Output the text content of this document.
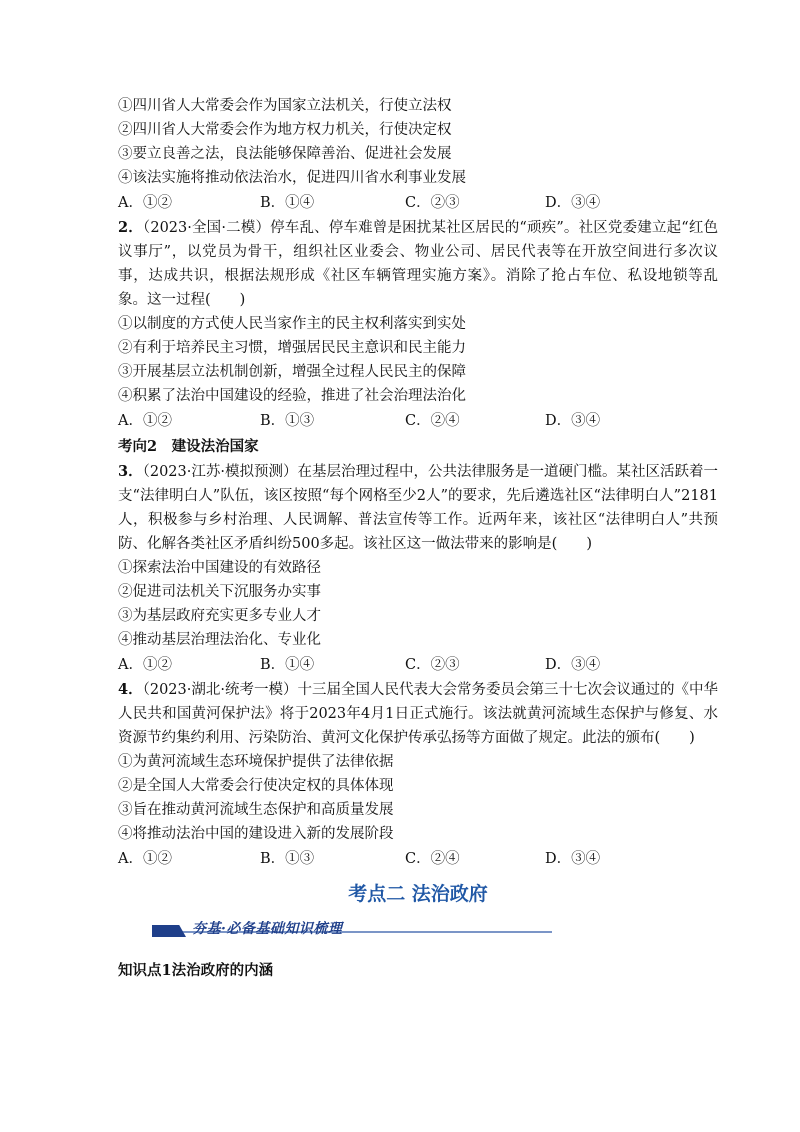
①四川省人大常委会作为国家立法机关，行使立法权
②四川省人大常委会作为地方权力机关，行使决定权
③要立良善之法，良法能够保障善治、促进社会发展
④该法实施将推动依法治水，促进四川省水利事业发展
A．①②	B．①④	C．②③	D．③④

2．（2023·全国·二模）停车乱、停车难曾是困扰某社区居民的“顽疾”。社区党委建立起“红色议事厅”，以党员为骨干，组织社区业委会、物业公司、居民代表等在开放空间进行多次议事，达成共识，根据法规形成《社区车辆管理实施方案》。消除了抢占车位、私设地锁等乱象。这一过程(　　)

①以制度的方式使人民当家作主的民主权利落实到实处
②有利于培养民主习惯，增强居民民主意识和民主能力
③开展基层立法机制创新，增强全过程人民民主的保障
④积累了法治中国建设的经验，推进了社会治理法治化
A．①②	B．①③	C．②④	D．③④
考向2　建设法治国家

3．（2023·江苏·模拟预测）在基层治理过程中，公共法律服务是一道硬门槛。某社区活跃着一支“法律明白人”队伍，该区按照“每个网格至少2人”的要求，先后遴选社区“法律明白人”2181人，积极参与乡村治理、人民调解、普法宣传等工作。近两年来，该社区“法律明白人”共预防、化解各类社区矛盾纠纷500多起。该社区这一做法带来的影响是(　　)

①探索法治中国建设的有效路径
②促进司法机关下沉服务办实事
③为基层政府充实更多专业人才
④推动基层治理法治化、专业化
A．①②	B．①④	C．②③	D．③④

4．（2023·湖北·统考一模）十三届全国人民代表大会常务委员会第三十七次会议通过的《中华人民共和国黄河保护法》将于2023年4月1日正式施行。该法就黄河流域生态保护与修复、水资源节约集约利用、污染防治、黄河文化保护传承弘扬等方面做了规定。此法的颁布(　　)

①为黄河流域生态环境保护提供了法律依据
②是全国人大常委会行使决定权的具体体现
③旨在推动黄河流域生态保护和高质量发展
④将推动法治中国的建设进入新的发展阶段
A．①②	B．①③	C．②④	D．③④
考点二 法治政府
夯基·必备基础知识梳理
知识点1法治政府的内涵
